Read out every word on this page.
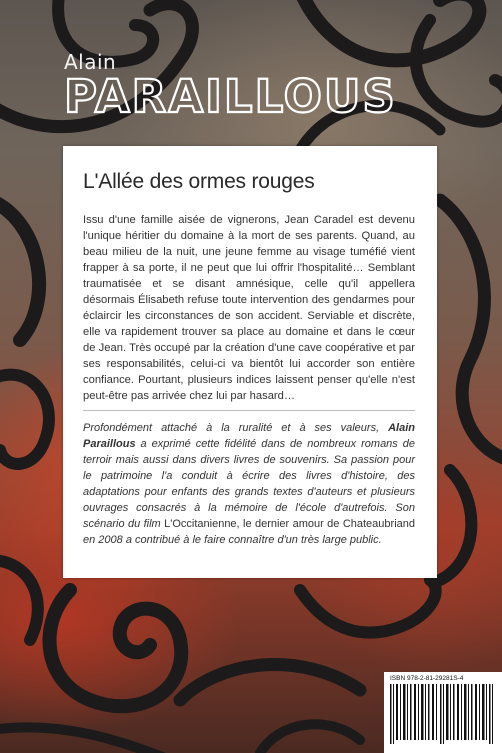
Alain
PARAILLOUS
L'Allée des ormes rouges

Issu d'une famille aisée de vignerons, Jean Caradel est devenu l'unique héritier du domaine à la mort de ses parents. Quand, au beau milieu de la nuit, une jeune femme au visage tuméfié vient frapper à sa porte, il ne peut que lui offrir l'hospitalité… Semblant traumatisée et se disant amnésique, celle qu'il appellera désormais Élisabeth refuse toute intervention des gendarmes pour éclaircir les circonstances de son accident. Serviable et discrète, elle va rapidement trouver sa place au domaine et dans le cœur de Jean. Très occupé par la création d'une cave coopérative et par ses responsabilités, celui-ci va bientôt lui accorder son entière confiance. Pourtant, plusieurs indices laissent penser qu'elle n'est peut-être pas arrivée chez lui par hasard…

Profondément attaché à la ruralité et à ses valeurs, Alain Paraillous a exprimé cette fidélité dans de nombreux romans de terroir mais aussi dans divers livres de souvenirs. Sa passion pour le patrimoine l'a conduit à écrire des livres d'histoire, des adaptations pour enfants des grands textes d'auteurs et plusieurs ouvrages consacrés à la mémoire de l'école d'autrefois. Son scénario du film L'Occitanienne, le dernier amour de Chateaubriand en 2008 a contribué à le faire connaître d'un très large public.

ISBN 978-2-81-29281S-4
